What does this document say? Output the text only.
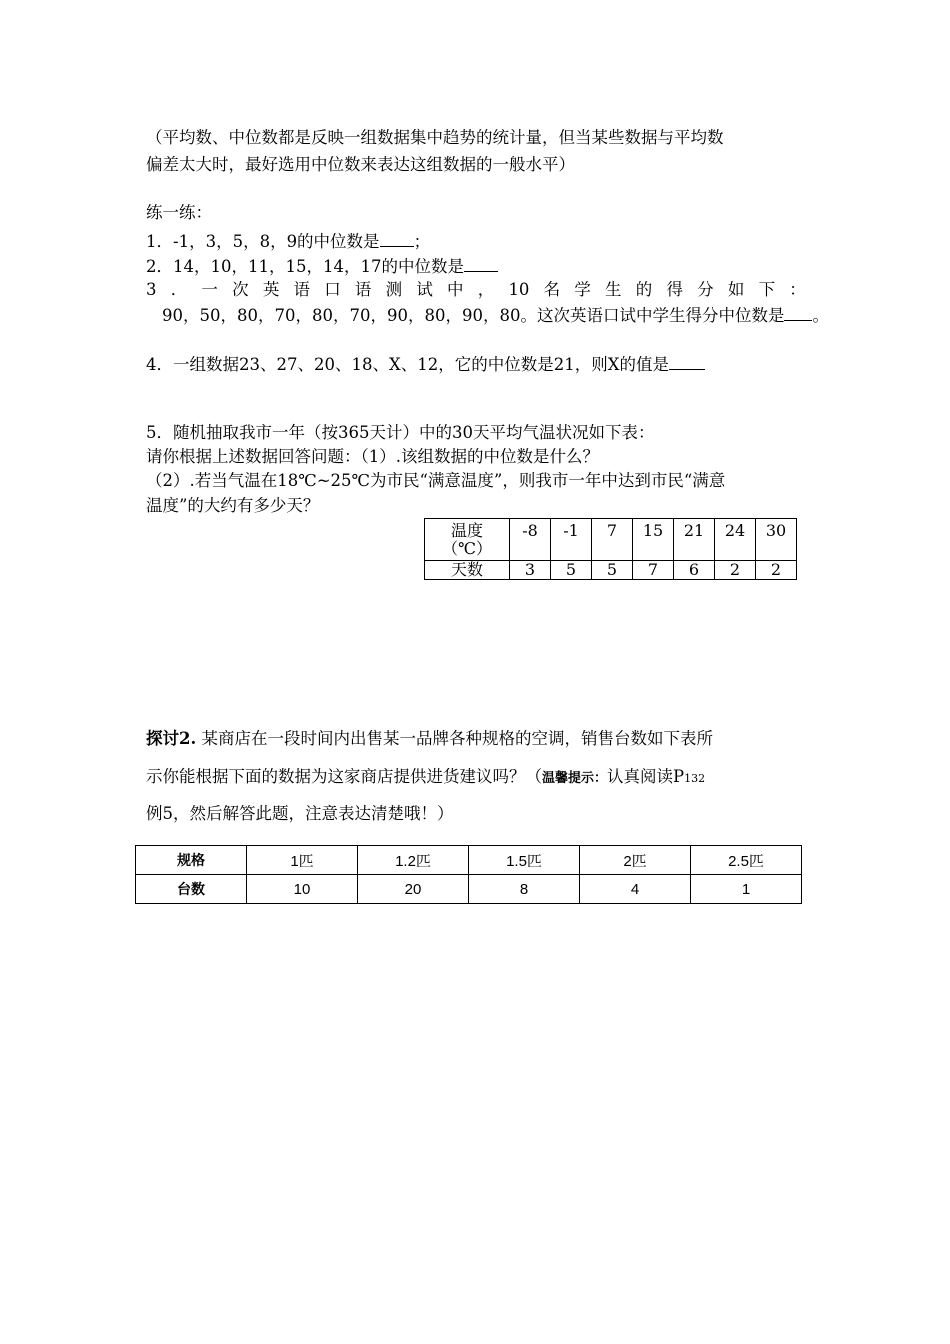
（平均数、中位数都是反映一组数据集中趋势的统计量，但当某些数据与平均数
偏差太大时，最好选用中位数来表达这组数据的一般水平）
练一练：
1．-1，3，5，8，9的中位数是 ；
2．14，10，11，15，14，17的中位数是
3 ． 一 次 英 语 口 语 测 试 中 ， 10 名 学 生 的 得 分 如 下 ：
90，50，80，70，80，70，90，80，90，80。这次英语口试中学生得分中位数是 。
4．一组数据23、27、20、18、X、12，它的中位数是21，则X的值是
5．随机抽取我市一年（按365天计）中的30天平均气温状况如下表：
请你根据上述数据回答问题：（1）.该组数据的中位数是什么？
（2）.若当气温在18℃~25℃为市民“满意温度”，则我市一年中达到市民“满意
温度”的大约有多少天？
温度
（℃）	-8	-1	7	15	21	24	30
天数	3	5	5	7	6	2	2
探讨2. 某商店在一段时间内出售某一品牌各种规格的空调，销售台数如下表所
示你能根据下面的数据为这家商店提供进货建议吗？（温馨提示：认真阅读P132
例5，然后解答此题，注意表达清楚哦！）
规格	1匹	1.2匹	1.5匹	2匹	2.5匹
台数	10	20	8	4	1
